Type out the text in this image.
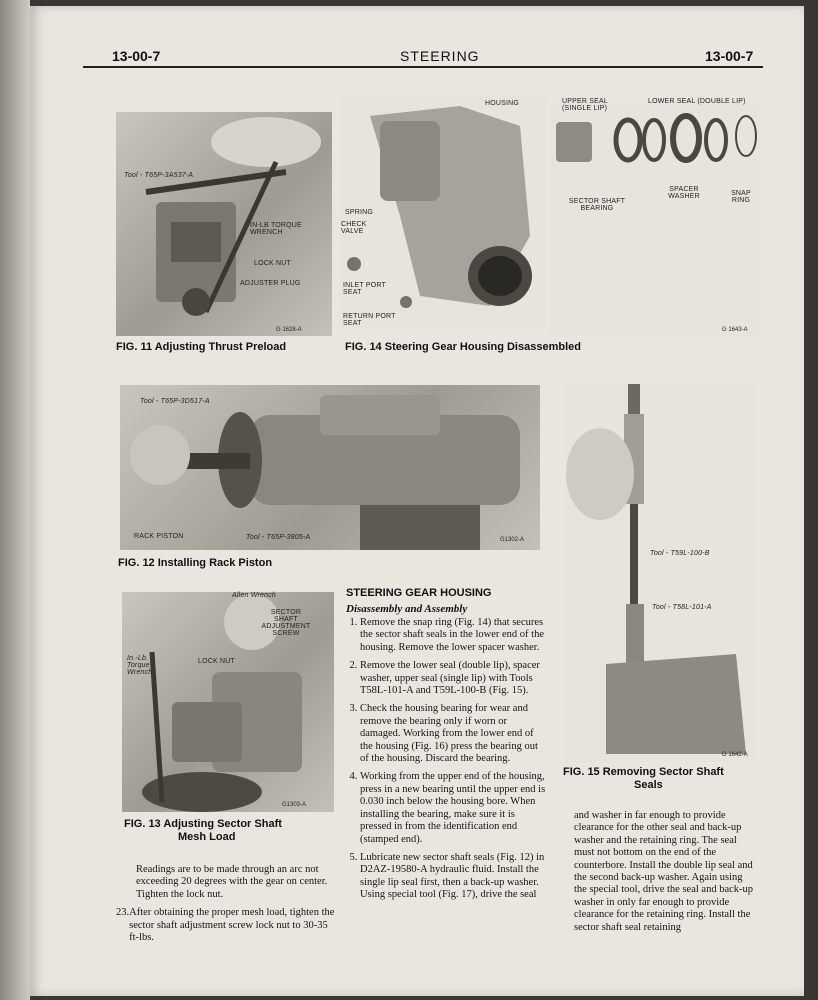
13-00-7	STEERING	13-00-7
Tool - T65P-3A537-A
IN-LB TORQUE WRENCH
LOCK NUT
ADJUSTER PLUG
G 1628-A
FIG. 11 Adjusting Thrust Preload
HOUSING
SPRING
CHECK VALVE
INLET PORT SEAT
RETURN PORT SEAT
UPPER SEAL (SINGLE LIP)
LOWER SEAL (DOUBLE LIP)
SECTOR SHAFT BEARING
SPACER WASHER	SNAP RING
G 1643-A
FIG. 14 Steering Gear Housing Disassembled
Tool - T65P-3D517-A
RACK PISTON	Tool - T65P-3805-A	G1302-A
FIG. 12 Installing Rack Piston
Allen Wrench
SECTOR SHAFT ADJUSTMENT SCREW
LOCK NUT
In.-Lb. Torque Wrench
G1303-A
FIG. 13 Adjusting Sector Shaft
Mesh Load
Tool - T59L-100-B
Tool - T58L-101-A
G 1642-A
FIG. 15 Removing Sector Shaft
Seals

Readings are to be made through an arc not exceeding 20 degrees with the gear on center. Tighten the lock nut.

23. After obtaining the proper mesh load, tighten the sector shaft adjustment screw lock nut to 30-35 ft-lbs.
STEERING GEAR HOUSING
Disassembly and Assembly
1. Remove the snap ring (Fig. 14) that secures the sector shaft seals in the lower end of the housing. Remove the lower spacer washer.
2. Remove the lower seal (double lip), spacer washer, upper seal (single lip) with Tools T58L-101-A and T59L-100-B (Fig. 15).
3. Check the housing bearing for wear and remove the bearing only if worn or damaged. Working from the lower end of the housing (Fig. 16) press the bearing out of the housing. Discard the bearing.
4. Working from the upper end of the housing, press in a new bearing until the upper end is 0.030 inch below the housing bore. When installing the bearing, make sure it is pressed in from the identification end (stamped end).
5. Lubricate new sector shaft seals (Fig. 12) in D2AZ-19580-A hydraulic fluid. Install the single lip seal first, then a back-up washer. Using special tool (Fig. 17), drive the seal
and washer in far enough to provide clearance for the other seal and back-up washer and the retaining ring. The seal must not bottom on the end of the counterbore. Install the double lip seal and the second back-up washer. Again using the special tool, drive the seal and back-up washer in only far enough to provide clearance for the retaining ring. Install the sector shaft seal retaining
